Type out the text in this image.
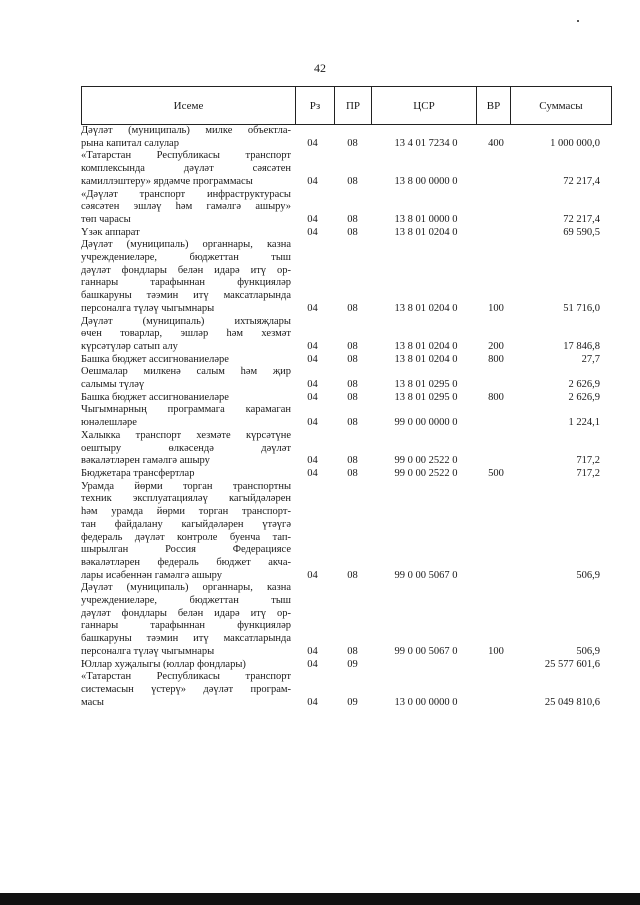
42
Исеме	Рз	ПР	ЦСР	ВР	Суммасы
Дәүләт (муниципаль) милке объектла-
рына капитал салулар	04	08	13 4 01 7234 0	400	1 000 000,0
«Татарстан Республикасы транспорт
комплексында дәүләт сәясәтен
камиллэштеру» ярдәмче программасы	04	08	13 8 00 0000 0	72 217,4
«Дәүләт транспорт инфраструктурасы
сәясәтен эшләү һәм гамәлгә ашыру»
төп чарасы	04	08	13 8 01 0000 0	72 217,4
Үзәк аппарат	04	08	13 8 01 0204 0	69 590,5
Дәүләт (муниципаль) органнары, казна
учреждениеләре, бюджеттан тыш
дәүләт фондлары белән идарә итү ор-
ганнары тарафыннан функцияләр
башкаруны тәэмин итү максатларында
персоналга түләү чыгымнары	04	08	13 8 01 0204 0	100	51 716,0
Дәүләт (муниципаль) ихтыяҗлары
өчен товарлар, эшләр һәм хезмәт
күрсәтүләр сатып алу	04	08	13 8 01 0204 0	200	17 846,8
Башка бюджет ассигнованиеләре	04	08	13 8 01 0204 0	800	27,7
Оешмалар милкенә салым һәм җир
салымы түләү	04	08	13 8 01 0295 0	2 626,9
Башка бюджет ассигнованиеләре	04	08	13 8 01 0295 0	800	2 626,9
Чыгымнарның программага карамаган
юнәлешләре	04	08	99 0 00 0000 0	1 224,1
Халыкка транспорт хезмәте күрсәтүне
оештыру өлкәсендә дәүләт
вәкаләтләрен гамәлгә ашыру	04	08	99 0 00 2522 0	717,2
Бюджетара трансфертлар	04	08	99 0 00 2522 0	500	717,2
Урамда йөрми торган транспортны
техник эксплуатацияләү кагыйдәләрен
һәм урамда йөрми торган транспорт-
тан файдалану кагыйдәләрен үтәүгә
федераль дәүләт контроле буенча тап-
шырылган Россия Федерациясе
вәкаләтләрен федераль бюджет акча-
лары исәбеннән гамәлгә ашыру	04	08	99 0 00 5067 0	506,9
Дәүләт (муниципаль) органнары, казна
учреждениеләре, бюджеттан тыш
дәүләт фондлары белән идарә итү ор-
ганнары тарафыннан функцияләр
башкаруны тәэмин итү максатларында
персоналга түләү чыгымнары	04	08	99 0 00 5067 0	100	506,9
Юллар хуҗалыгы (юллар фондлары)	04	09	25 577 601,6
«Татарстан Республикасы транспорт
системасын үстерү» дәүләт програм-
масы	04	09	13 0 00 0000 0	25 049 810,6
